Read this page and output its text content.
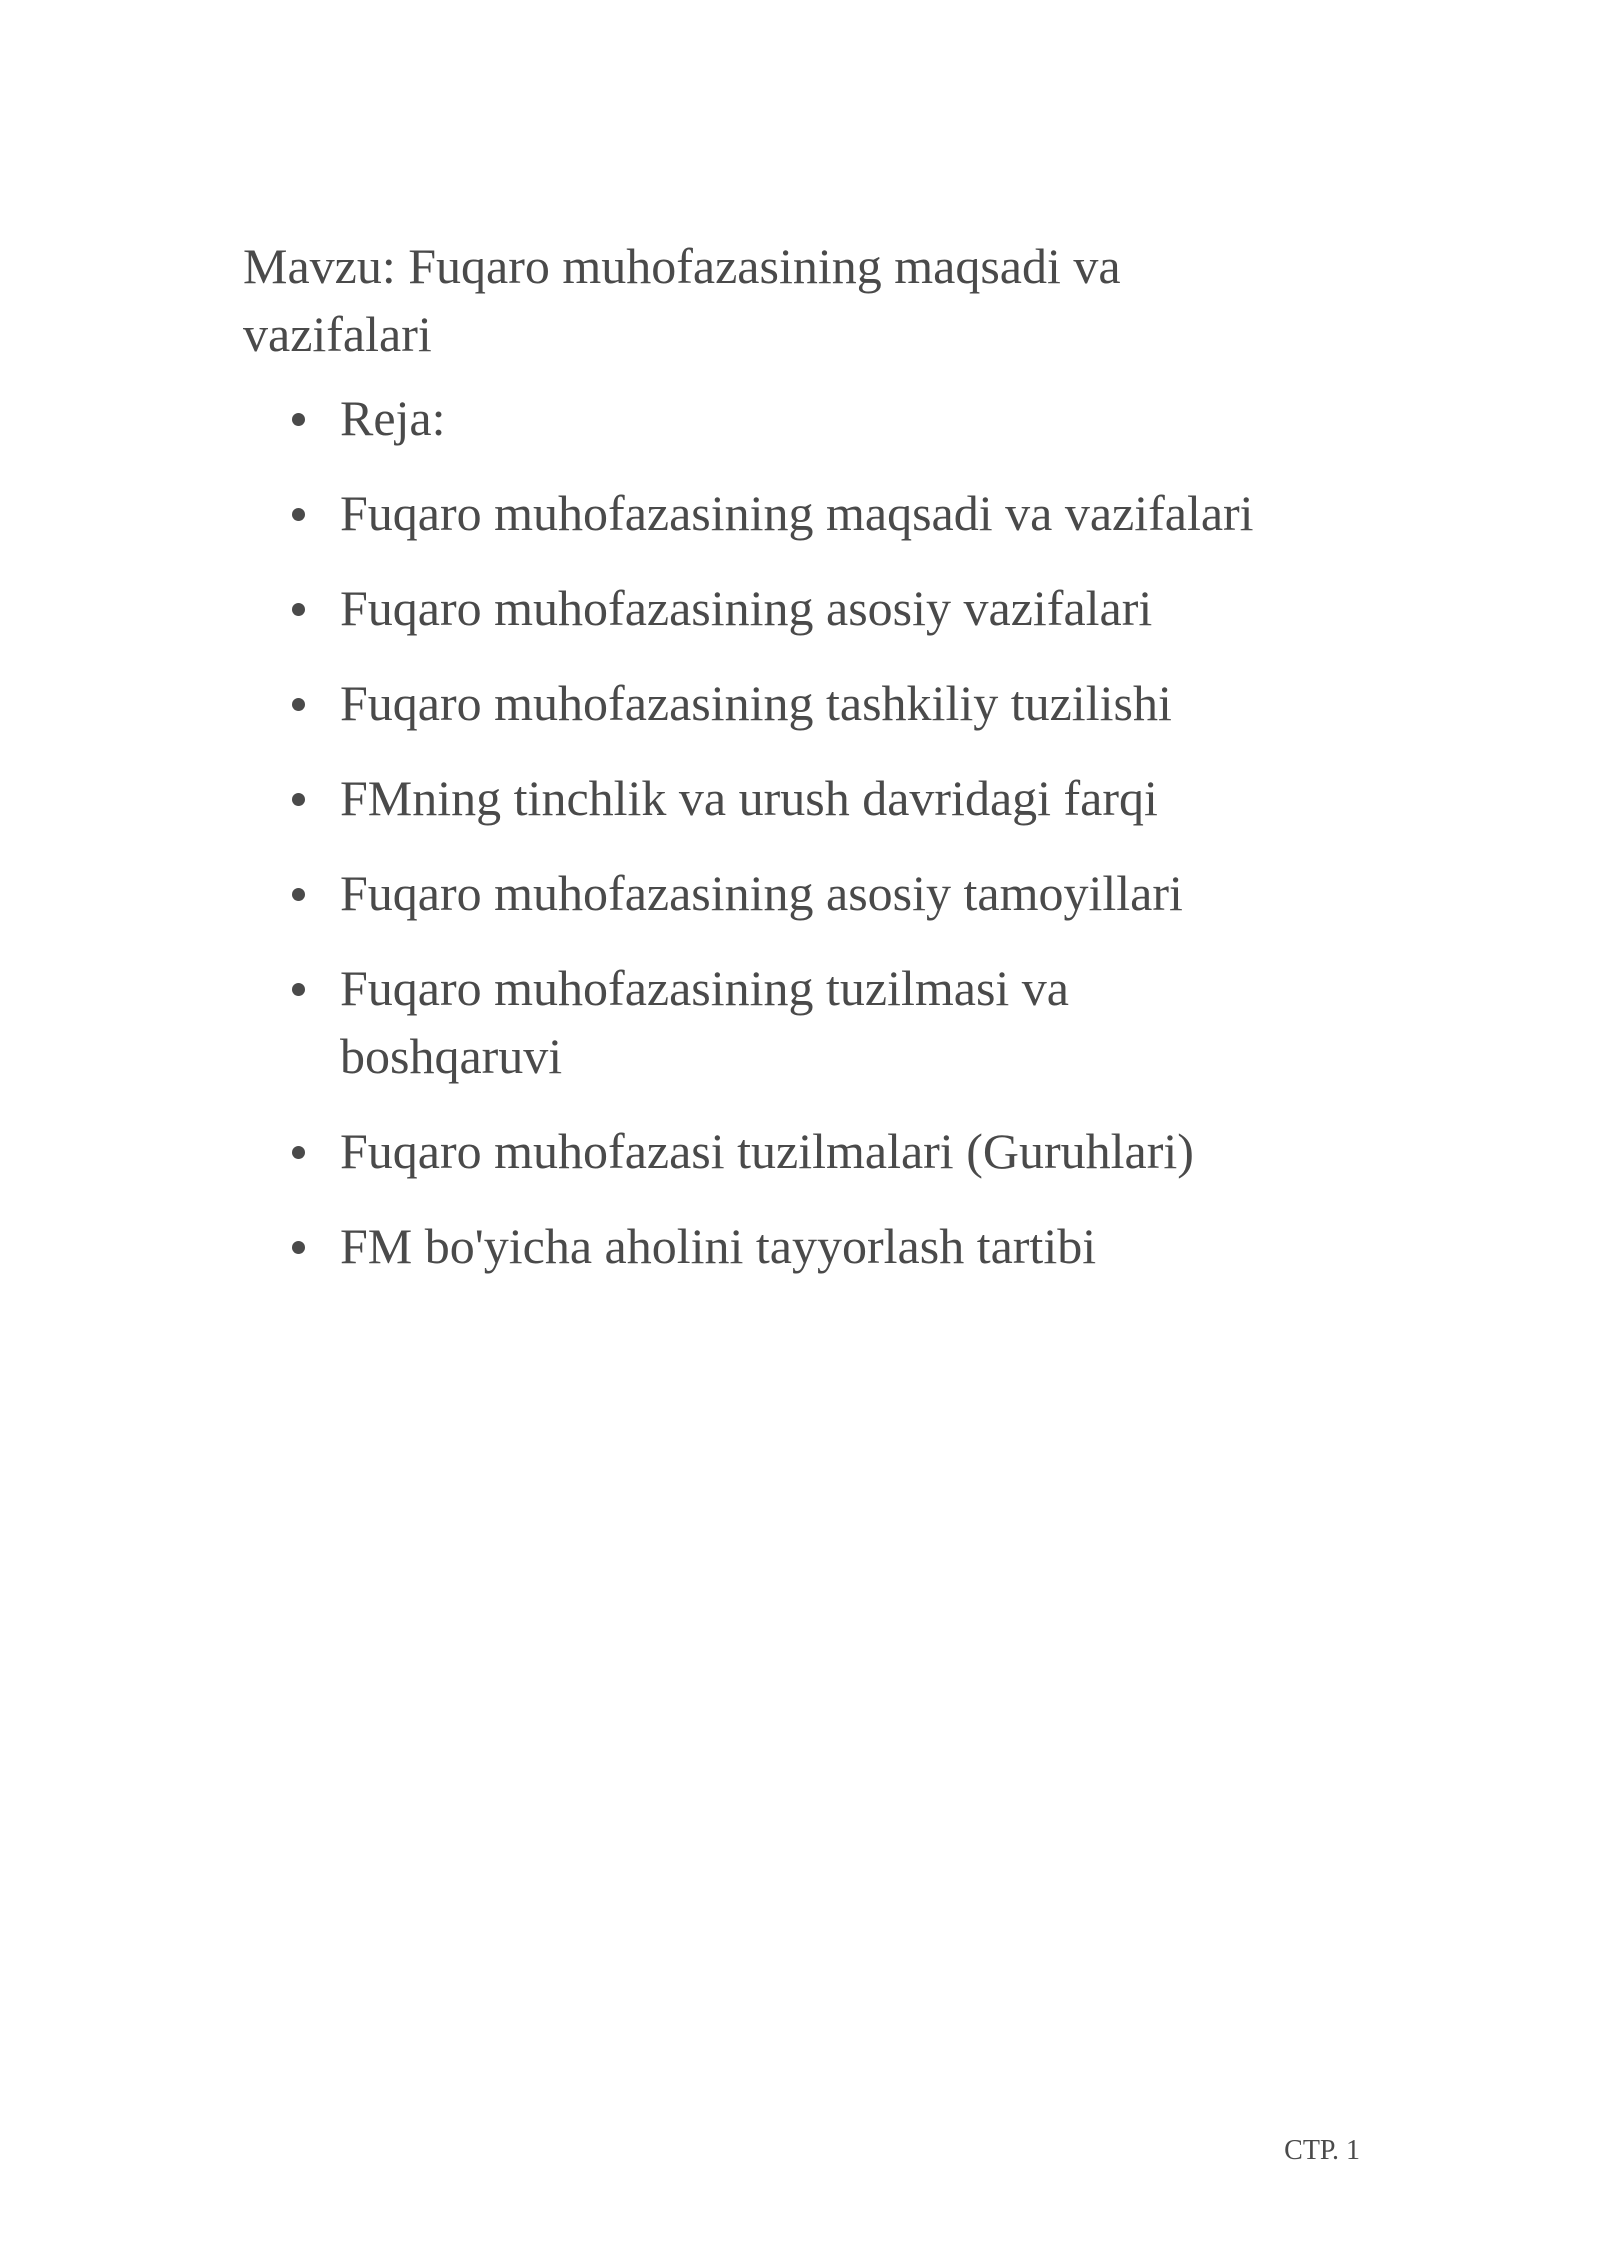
Mavzu: Fuqaro muhofazasining maqsadi va vazifalari
Reja:
Fuqaro muhofazasining maqsadi va vazifalari
Fuqaro muhofazasining asosiy vazifalari
Fuqaro muhofazasining tashkiliy tuzilishi
FMning tinchlik va urush davridagi farqi
Fuqaro muhofazasining asosiy tamoyillari
Fuqaro muhofazasining tuzilmasi va boshqaruvi
Fuqaro muhofazasi tuzilmalari (Guruhlari)
FM bo'yicha aholini tayyorlash tartibi
СТР. 1
